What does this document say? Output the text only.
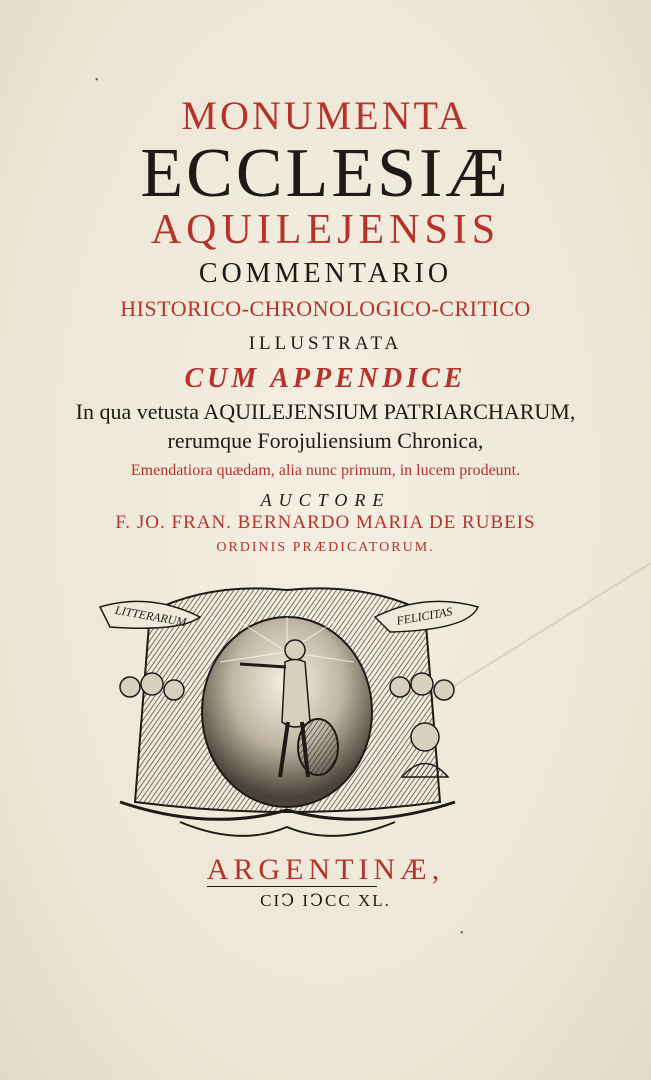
MONUMENTA

ECCLESIÆ

AQUILEJENSIS

COMMENTARIO

HISTORICO-CHRONOLOGICO-CRITICO

ILLUSTRATA

CUM APPENDICE

In qua vetusta AQUILEJENSIUM PATRIARCHARUM,

rerumque Forojuliensium Chronica,

Emendatiora quædam, alia nunc primum, in lucem prodeunt.

AUCTORE

F. JO. FRAN. BERNARDO MARIA DE RUBEIS

ORDINIS PRÆDICATORUM.

LITTERARUM	FELICITAS

ARGENTINÆ,

CIↃ IↃCC XL.

•
•
